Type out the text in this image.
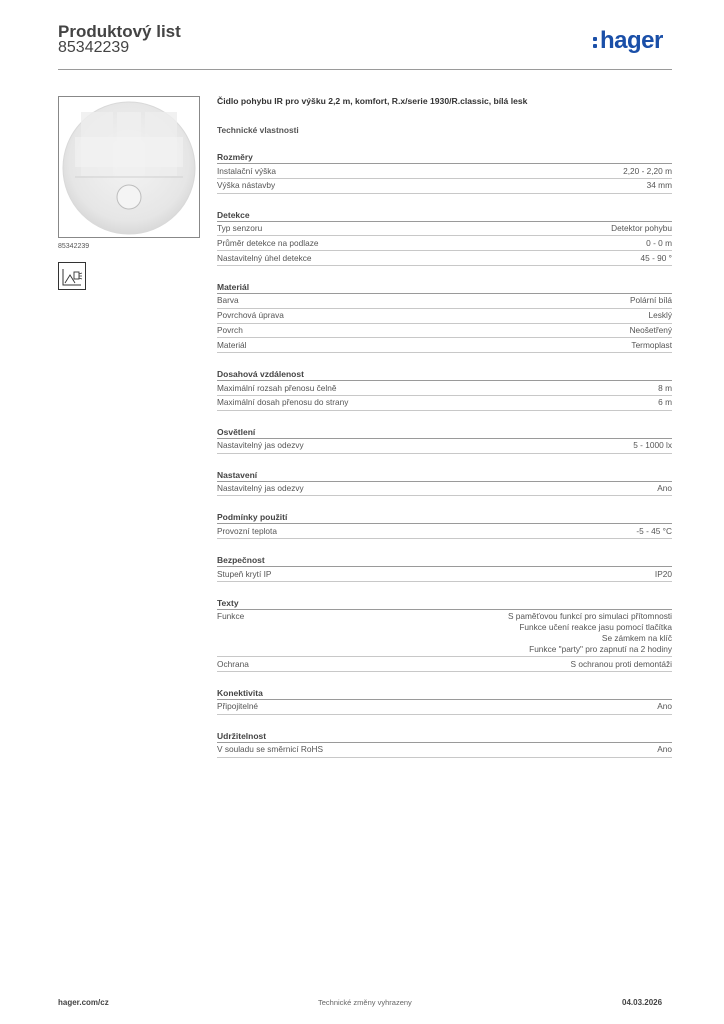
Produktový list
85342239	hager
85342239
Čidlo pohybu IR pro výšku 2,2 m, komfort, R.x/serie 1930/R.classic, bílá lesk
Technické vlastnosti
Rozměry
Instalační výška	2,20 - 2,20 m
Výška nástavby	34 mm
Detekce
Typ senzoru	Detektor pohybu
Průměr detekce na podlaze	0 - 0 m
Nastavitelný úhel detekce	45 - 90 °
Materiál
Barva	Polární bílá
Povrchová úprava	Lesklý
Povrch	Neošetřený
Materiál	Termoplast
Dosahová vzdálenost
Maximální rozsah přenosu čelně	8 m
Maximální dosah přenosu do strany	6 m
Osvětlení
Nastavitelný jas odezvy	5 - 1000 lx
Nastavení
Nastavitelný jas odezvy	Ano
Podmínky použití
Provozní teplota	-5 - 45 °C
Bezpečnost
Stupeň krytí IP	IP20
Texty
Funkce	S paměťovou funkcí pro simulaci přítomnosti
Funkce učení reakce jasu pomocí tlačítka
Se zámkem na klíč
Funkce "party" pro zapnutí na 2 hodiny
Ochrana	S ochranou proti demontáži
Konektivita
Připojitelné	Ano
Udržitelnost
V souladu se směrnicí RoHS	Ano
hager.com/cz	Technické změny vyhrazeny	04.03.2026
